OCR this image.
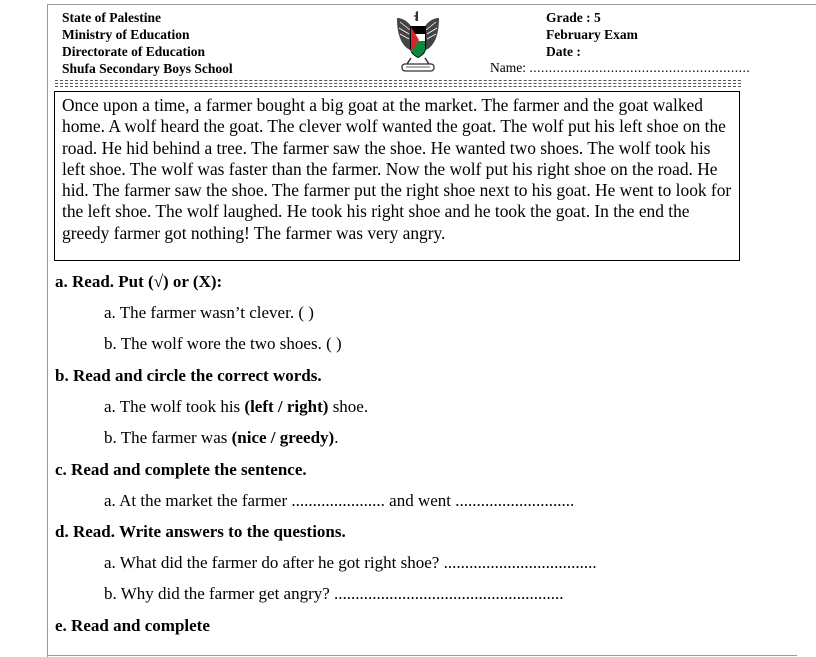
State of Palestine
Ministry of Education
Directorate of Education
Shufa Secondary Boys School
Grade : 5
February Exam
Date :
Name: .........................................................
Once upon a time, a farmer bought a big goat at the market. The farmer and the goat walked home. A wolf heard the goat. The clever wolf wanted the goat. The wolf put his left shoe on the road. He hid behind a tree. The farmer saw the shoe. He wanted two shoes. The wolf took his left shoe. The wolf was faster than the farmer. Now the wolf put his right shoe on the road. He hid. The farmer saw the shoe. The farmer put the right shoe next to his goat. He went to look for the left shoe. The wolf laughed. He took his right shoe and he took the goat. In the end the greedy farmer got nothing! The farmer was very angry.
a. Read. Put (√) or (X):
a. The farmer wasn’t clever. ( )
b. The wolf wore the two shoes. ( )
b. Read and circle the correct words.
a. The wolf took his (left / right) shoe.
b. The farmer was (nice / greedy).
c. Read and complete the sentence.
a. At the market the farmer ...................... and went ............................
d. Read. Write answers to the questions.
a. What did the farmer do after he got right shoe? ....................................
b. Why did the farmer get angry? ......................................................
e. Read and complete
